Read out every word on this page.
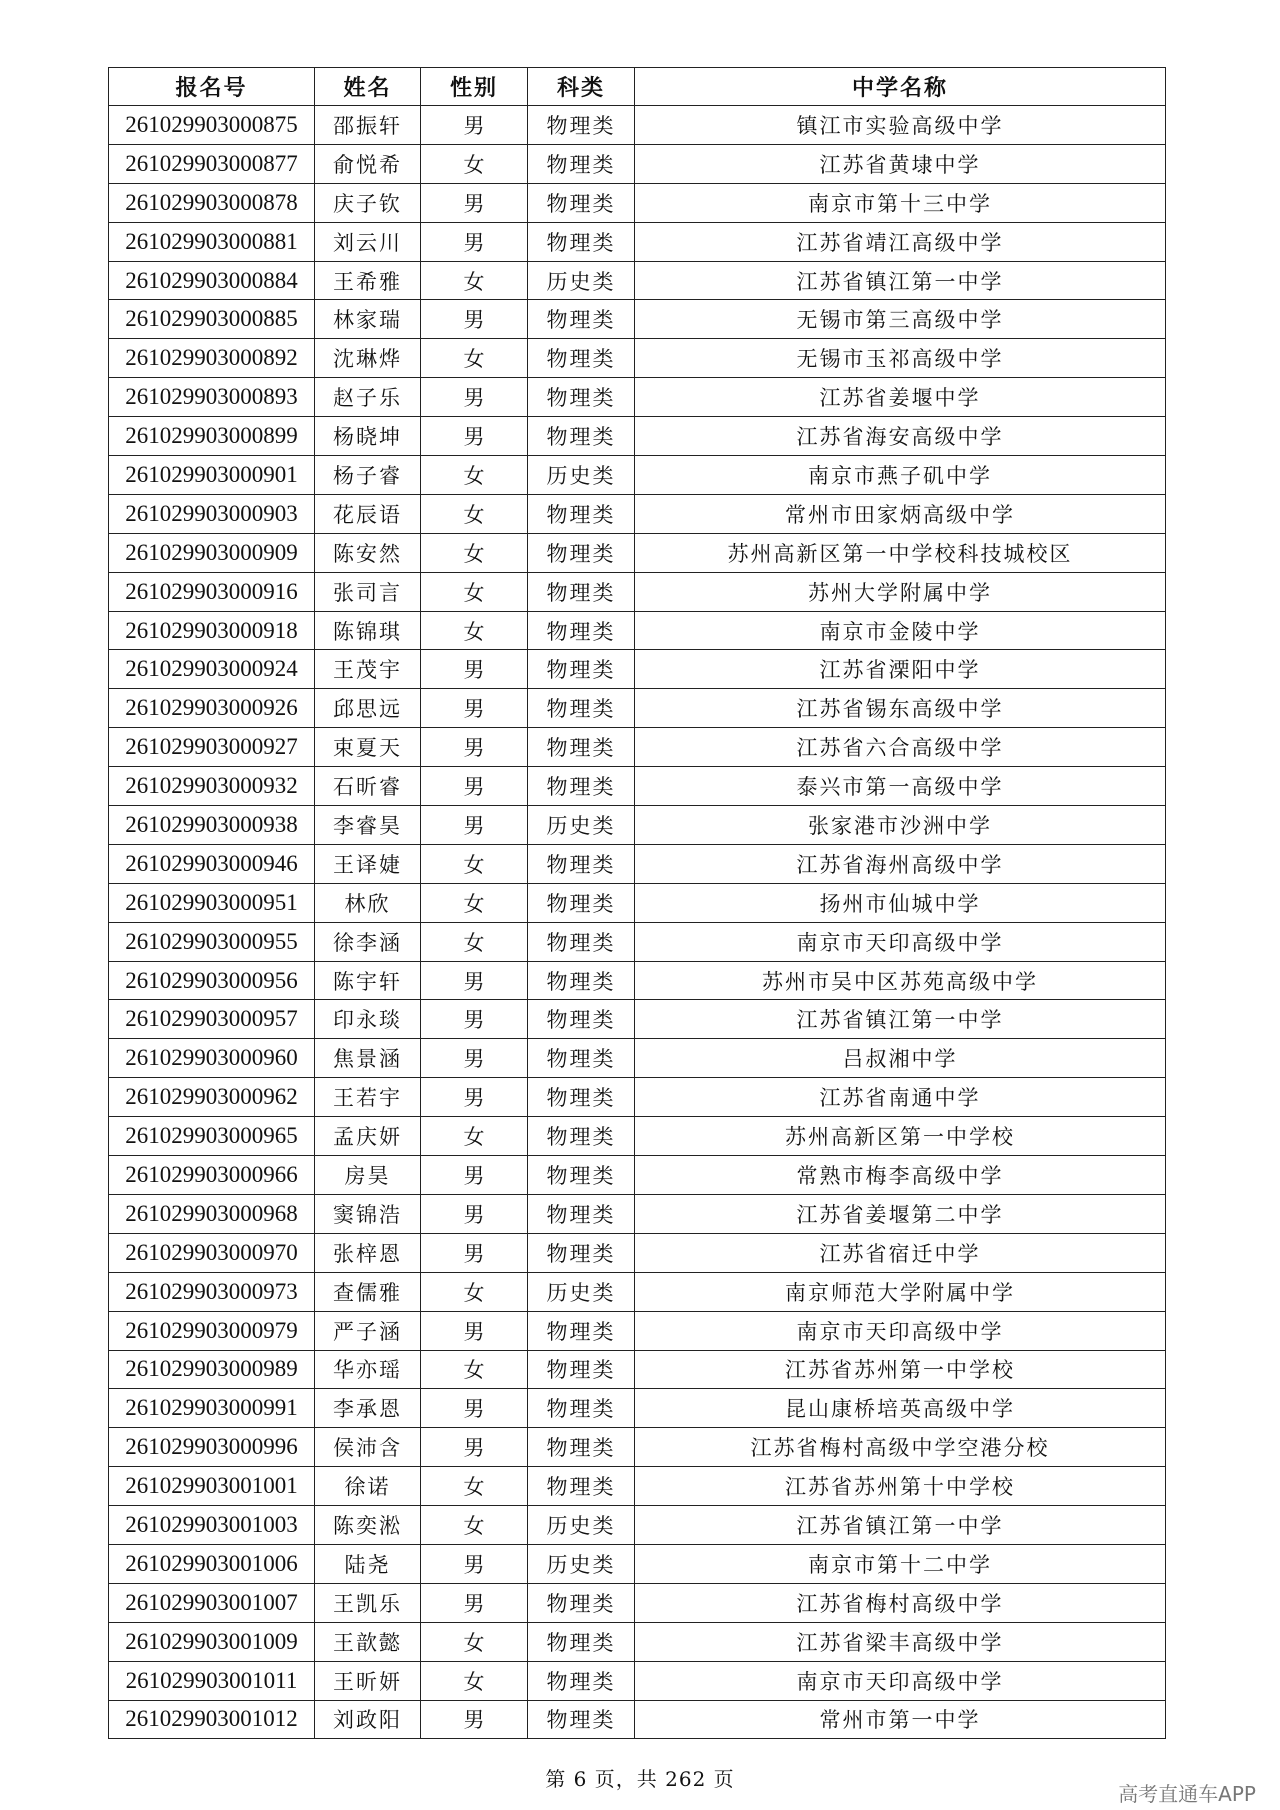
报名号	姓名	性别	科类	中学名称
261029903000875	邵振轩	男	物理类	镇江市实验高级中学
261029903000877	俞悦希	女	物理类	江苏省黄埭中学
261029903000878	庆子钦	男	物理类	南京市第十三中学
261029903000881	刘云川	男	物理类	江苏省靖江高级中学
261029903000884	王希雅	女	历史类	江苏省镇江第一中学
261029903000885	林家瑞	男	物理类	无锡市第三高级中学
261029903000892	沈琳烨	女	物理类	无锡市玉祁高级中学
261029903000893	赵子乐	男	物理类	江苏省姜堰中学
261029903000899	杨晓坤	男	物理类	江苏省海安高级中学
261029903000901	杨子睿	女	历史类	南京市燕子矶中学
261029903000903	花辰语	女	物理类	常州市田家炳高级中学
261029903000909	陈安然	女	物理类	苏州高新区第一中学校科技城校区
261029903000916	张司言	女	物理类	苏州大学附属中学
261029903000918	陈锦琪	女	物理类	南京市金陵中学
261029903000924	王茂宇	男	物理类	江苏省溧阳中学
261029903000926	邱思远	男	物理类	江苏省锡东高级中学
261029903000927	束夏天	男	物理类	江苏省六合高级中学
261029903000932	石昕睿	男	物理类	泰兴市第一高级中学
261029903000938	李睿昊	男	历史类	张家港市沙洲中学
261029903000946	王译婕	女	物理类	江苏省海州高级中学
261029903000951	林欣	女	物理类	扬州市仙城中学
261029903000955	徐李涵	女	物理类	南京市天印高级中学
261029903000956	陈宇轩	男	物理类	苏州市吴中区苏苑高级中学
261029903000957	印永琰	男	物理类	江苏省镇江第一中学
261029903000960	焦景涵	男	物理类	吕叔湘中学
261029903000962	王若宇	男	物理类	江苏省南通中学
261029903000965	孟庆妍	女	物理类	苏州高新区第一中学校
261029903000966	房昊	男	物理类	常熟市梅李高级中学
261029903000968	窦锦浩	男	物理类	江苏省姜堰第二中学
261029903000970	张梓恩	男	物理类	江苏省宿迁中学
261029903000973	查儒雅	女	历史类	南京师范大学附属中学
261029903000979	严子涵	男	物理类	南京市天印高级中学
261029903000989	华亦瑶	女	物理类	江苏省苏州第一中学校
261029903000991	李承恩	男	物理类	昆山康桥培英高级中学
261029903000996	侯沛含	男	物理类	江苏省梅村高级中学空港分校
261029903001001	徐诺	女	物理类	江苏省苏州第十中学校
261029903001003	陈奕淞	女	历史类	江苏省镇江第一中学
261029903001006	陆尧	男	历史类	南京市第十二中学
261029903001007	王凯乐	男	物理类	江苏省梅村高级中学
261029903001009	王歆懿	女	物理类	江苏省梁丰高级中学
261029903001011	王昕妍	女	物理类	南京市天印高级中学
261029903001012	刘政阳	男	物理类	常州市第一中学
第 6 页，共 262 页
高考直通车APP
